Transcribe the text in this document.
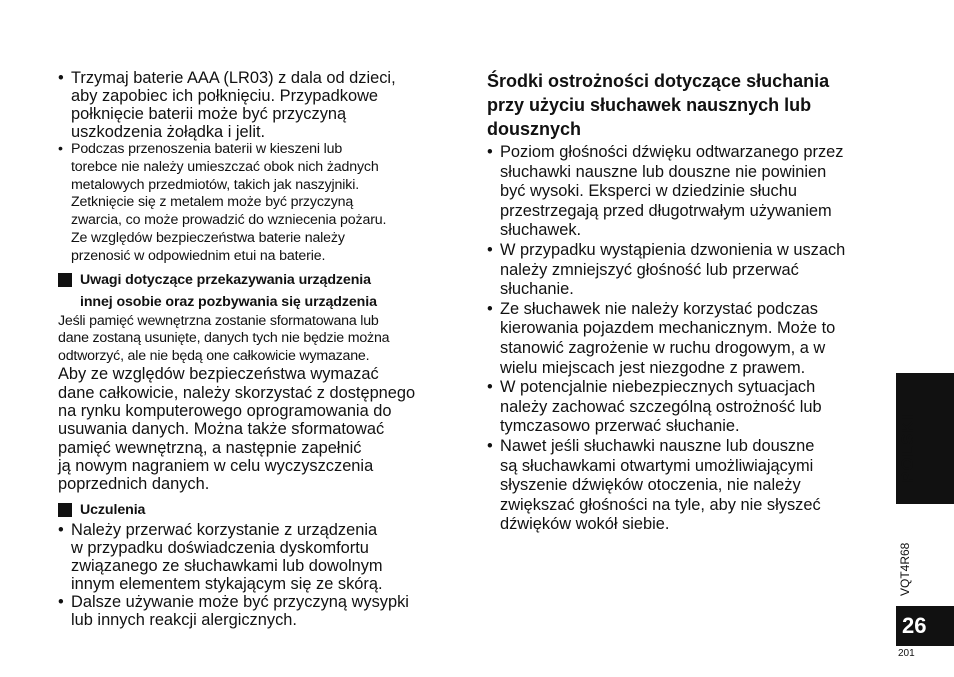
• Trzymaj baterie AAA (LR03) z dala od dzieci,
aby zapobiec ich połknięciu. Przypadkowe
połknięcie baterii może być przyczyną
uszkodzenia żołądka i jelit.
• Podczas przenoszenia baterii w kieszeni lub
torebce nie należy umieszczać obok nich żadnych
metalowych przedmiotów, takich jak naszyjniki.
Zetknięcie się z metalem może być przyczyną
zwarcia, co może prowadzić do wzniecenia pożaru.
Ze względów bezpieczeństwa baterie należy
przenosić w odpowiednim etui na baterie.
Uwagi dotyczące przekazywania urządzenia
innej osobie oraz pozbywania się urządzenia
Jeśli pamięć wewnętrzna zostanie sformatowana lub
dane zostaną usunięte, danych tych nie będzie można
odtworzyć, ale nie będą one całkowicie wymazane.
Aby ze względów bezpieczeństwa wymazać
dane całkowicie, należy skorzystać z dostępnego
na rynku komputerowego oprogramowania do
usuwania danych. Można także sformatować
pamięć wewnętrzną, a następnie zapełnić
ją nowym nagraniem w celu wyczyszczenia
poprzednich danych.
Uczulenia
• Należy przerwać korzystanie z urządzenia
w przypadku doświadczenia dyskomfortu
związanego ze słuchawkami lub dowolnym
innym elementem stykającym się ze skórą.
• Dalsze używanie może być przyczyną wysypki
lub innych reakcji alergicznych.
Środki ostrożności dotyczące słuchania
przy użyciu słuchawek nausznych lub
dousznych
• Poziom głośności dźwięku odtwarzanego przez
słuchawki nauszne lub douszne nie powinien
być wysoki. Eksperci w dziedzinie słuchu
przestrzegają przed długotrwałym używaniem
słuchawek.
• W przypadku wystąpienia dzwonienia w uszach
należy zmniejszyć głośność lub przerwać
słuchanie.
• Ze słuchawek nie należy korzystać podczas
kierowania pojazdem mechanicznym. Może to
stanowić zagrożenie w ruchu drogowym, a w
wielu miejscach jest niezgodne z prawem.
• W potencjalnie niebezpiecznych sytuacjach
należy zachować szczególną ostrożność lub
tymczasowo przerwać słuchanie.
• Nawet jeśli słuchawki nauszne lub douszne
są słuchawkami otwartymi umożliwiającymi
słyszenie dźwięków otoczenia, nie należy
zwiększać głośności na tyle, aby nie słyszeć
dźwięków wokół siebie.
POLSKI
VQT4R68
26
201
